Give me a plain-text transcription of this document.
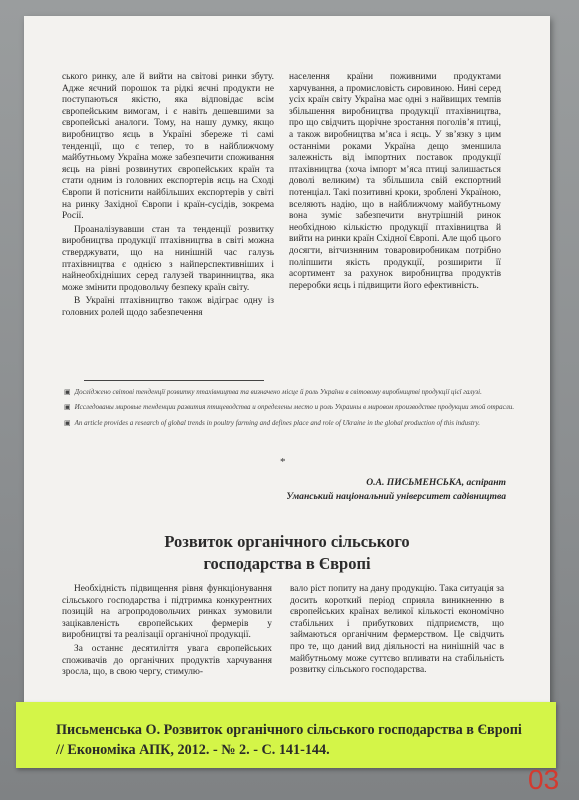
ського ринку, але й вийти на світові ринки збуту. Адже яєчний порошок та рідкі яєчні продукти не поступаються якістю, яка відповідає всім європейським вимогам, і є навіть дешевшими за європейські аналоги. Тому, на нашу думку, якщо виробництво яєць в Україні збереже ті самі тенденції, що є тепер, то в найближчому майбутньому Україна може забезпечити споживання яєць на рівні розвинутих європейських країн та стати одним із головних експортерів яєць на Сході Європи й потіснити найбільших експортерів у світі на ринку Західної Європи і країн-сусідів, зокрема Росії.

Проаналізувавши стан та тенденції розвитку виробництва продукції птахівництва в світі можна стверджувати, що на нинішній час галузь птахівництва є однією з найперспективніших і найнеобхідніших серед галузей тваринництва, яка може змінити продовольчу безпеку країн світу.

В Україні птахівництво також відіграє одну із головних ролей щодо забезпечення

населення країни поживними продуктами харчування, а промисловість сировиною. Нині серед усіх країн світу Україна має одні з найвищих темпів збільшення виробництва продукції птахівництва, про що свідчить щорічне зростання поголів’я птиці, а також виробництва м’яса і яєць. У зв’язку з цим останніми роками Україна дещо зменшила залежність від імпортних поставок продукції птахівництва (хоча імпорт м’яса птиці залишається доволі великим) та збільшила свій експортний потенціал. Такі позитивні кроки, зроблені Україною, вселяють надію, що в найближчому майбутньому вона зуміє забезпечити внутрішній ринок необхідною кількістю продукції птахівництва й вийти на ринки країн Східної Європі. Але щоб цього досягти, вітчизняним товаровиробникам потрібно поліпшити якість продукції, розширити її асортимент за рахунок виробництва продуктів переробки яєць і підвищити його ефективність.

▣ Досліджено світові тенденції розвитку птахівництва та визначено місце й роль України в світовому виробництві продукції цієї галузі.

▣ Исследованы мировые тенденции развития птицеводства и определены место и роль Украины в мировом производстве продукции этой отрасли.

▣ An article provides a research of global trends in poultry farming and defines place and role of Ukraine in the global production of this industry.

*
О.А. ПИСЬМЕНСЬКА, аспірант
Уманський національний університет садівництва
Розвиток органічного сільського
господарства в Європі

Необхідність підвищення рівня функціонування сільського господарства і підтримка конкурентних позицій на агропродовольчих ринках зумовили зацікавленість європейських фермерів у виробництві та реалізації органічної продукції.

За останнє десятиліття увага європейських споживачів до органічних продуктів харчування зросла, що, в свою чергу, стимулю-

вало ріст попиту на дану продукцію. Така ситуація за досить короткий період сприяла виникненню в європейських країнах великої кількості економічно стабільних і прибуткових підприємств, що займаються органічним фермерством. Це свідчить про те, що даний вид діяльності на нинішній час в майбутньому може суттєво впливати на стабільність розвитку сільського господарства.

Письменська О. Розвиток органічного сільського господарства в Європі
// Економіка АПК, 2012. - № 2. - С. 141-144.
03
